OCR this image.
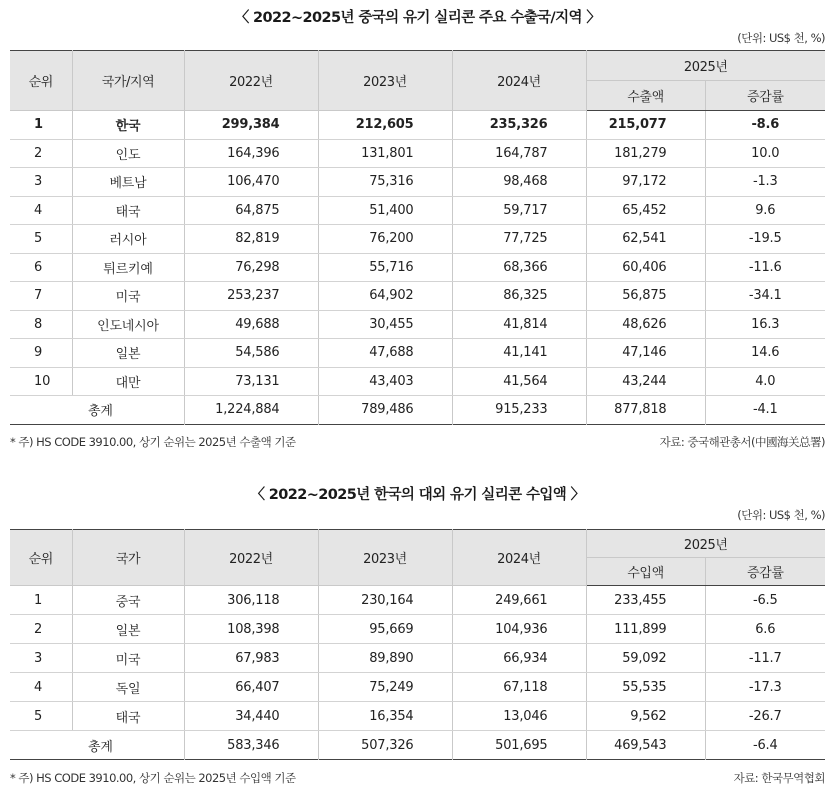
〈 2022~2025년 중국의 유기 실리콘 주요 수출국/지역 〉
(단위: US$ 천, %)
순위	국가/지역	2022년	2023년	2024년	2025년	
					수출액	증감률
1	한국	299,384	212,605	235,326	215,077	-8.6
2	인도	164,396	131,801	164,787	181,279	10.0
3	베트남	106,470	75,316	98,468	97,172	-1.3
4	태국	64,875	51,400	59,717	65,452	9.6
5	러시아	82,819	76,200	77,725	62,541	-19.5
6	튀르키예	76,298	55,716	68,366	60,406	-11.6
7	미국	253,237	64,902	86,325	56,875	-34.1
8	인도네시아	49,688	30,455	41,814	48,626	16.3
9	일본	54,586	47,688	41,141	47,146	14.6
10	대만	73,131	43,403	41,564	43,244	4.0
총계		1,224,884	789,486	915,233	877,818	-4.1
* 주) HS CODE 3910.00, 상기 순위는 2025년 수출액 기준	자료: 중국해관총서(中國海关总署)
〈 2022~2025년 한국의 대외 유기 실리콘 수입액 〉
(단위: US$ 천, %)
순위	국가	2022년	2023년	2024년	2025년	
					수입액	증감률
1	중국	306,118	230,164	249,661	233,455	-6.5
2	일본	108,398	95,669	104,936	111,899	6.6
3	미국	67,983	89,890	66,934	59,092	-11.7
4	독일	66,407	75,249	67,118	55,535	-17.3
5	태국	34,440	16,354	13,046	9,562	-26.7
총계		583,346	507,326	501,695	469,543	-6.4
* 주) HS CODE 3910.00, 상기 순위는 2025년 수입액 기준	자료: 한국무역협회
